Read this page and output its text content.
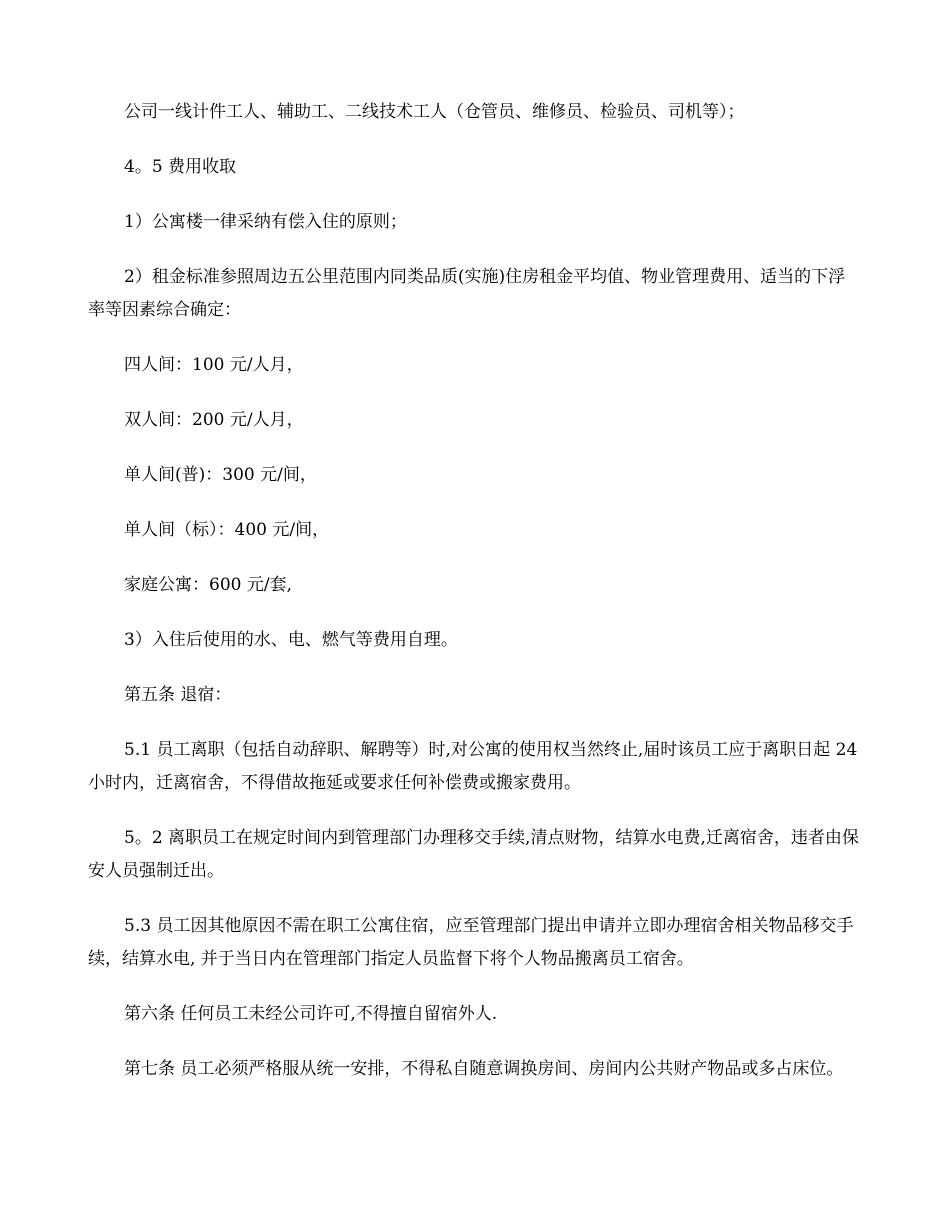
公司一线计件工人、辅助工、二线技术工人（仓管员、维修员、检验员、司机等）；

4。5 费用收取

1）公寓楼一律采纳有偿入住的原则；

2）租金标准参照周边五公里范围内同类品质(实施)住房租金平均值、物业管理费用、适当的下浮率等因素综合确定：

四人间：100 元/人月，

双人间：200 元/人月，

单人间(普)：300 元/间，

单人间（标）：400 元/间，

家庭公寓：600 元/套,

3）入住后使用的水、电、燃气等费用自理。

第五条 退宿：

5.1 员工离职（包括自动辞职、解聘等）时,对公寓的使用权当然终止,届时该员工应于离职日起 24 小时内，迁离宿舍，不得借故拖延或要求任何补偿费或搬家费用。

5。2 离职员工在规定时间内到管理部门办理移交手续,清点财物，结算水电费,迁离宿舍，违者由保安人员强制迁出。

5.3 员工因其他原因不需在职工公寓住宿，应至管理部门提出申请并立即办理宿舍相关物品移交手续，结算水电, 并于当日内在管理部门指定人员监督下将个人物品搬离员工宿舍。

第六条 任何员工未经公司许可,不得擅自留宿外人.

第七条 员工必须严格服从统一安排，不得私自随意调换房间、房间内公共财产物品或多占床位。
